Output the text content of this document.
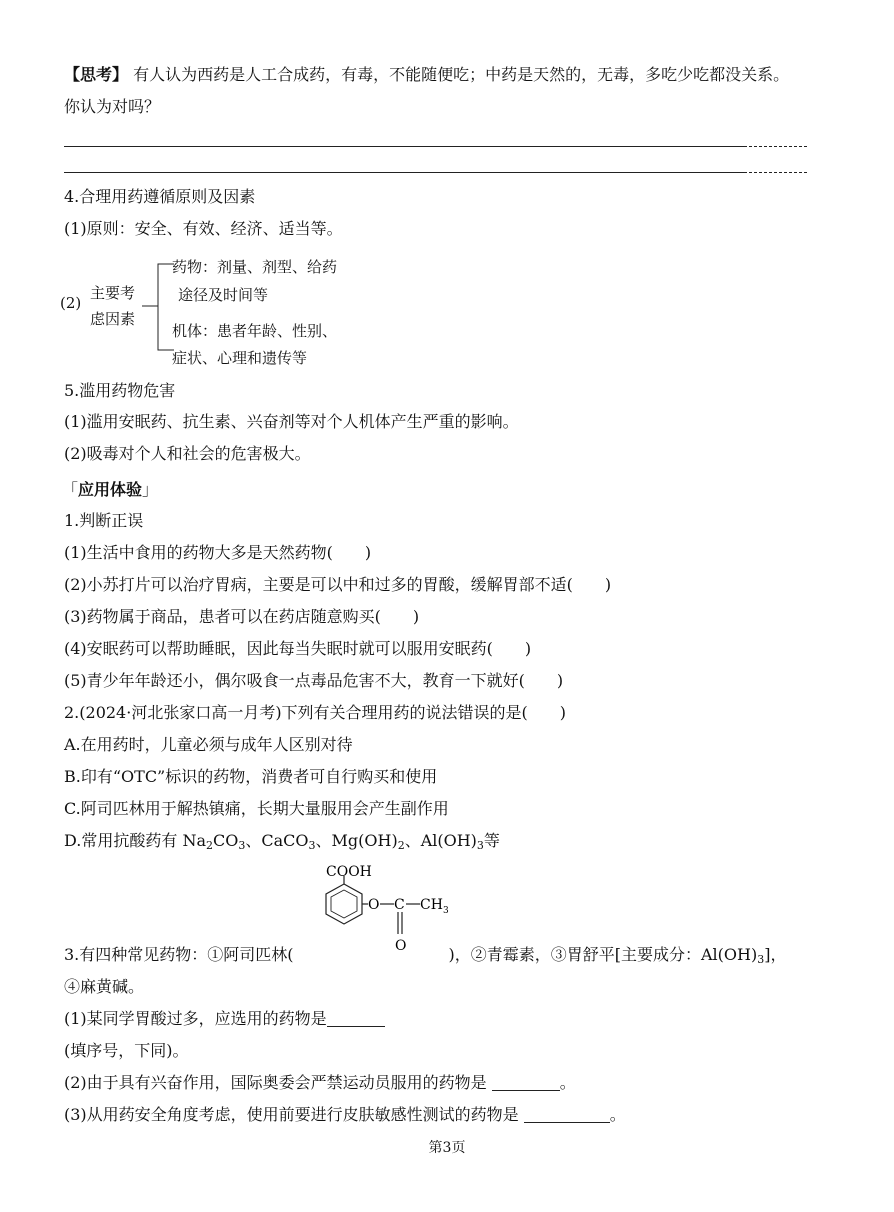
【思考】 有人认为西药是人工合成药，有毒，不能随便吃；中药是天然的，无毒，多吃少吃都没关系。
你认为对吗？
4.合理用药遵循原则及因素
(1)原则：安全、有效、经济、适当等。
(2)
主要考
虑因素
药物：剂量、剂型、给药
途径及时间等
机体：患者年龄、性别、
症状、心理和遗传等
5.滥用药物危害
(1)滥用安眠药、抗生素、兴奋剂等对个人机体产生严重的影响。
(2)吸毒对个人和社会的危害极大。
「应用体验」
1.判断正误
(1)生活中食用的药物大多是天然药物(　　)
(2)小苏打片可以治疗胃病，主要是可以中和过多的胃酸，缓解胃部不适(　　)
(3)药物属于商品，患者可以在药店随意购买(　　)
(4)安眠药可以帮助睡眠，因此每当失眠时就可以服用安眠药(　　)
(5)青少年年龄还小，偶尔吸食一点毒品危害不大，教育一下就好(　　)
2.(2024·河北张家口高一月考)下列有关合理用药的说法错误的是(　　)
A.在用药时，儿童必须与成年人区别对待
B.印有“OTC”标识的药物，消费者可自行购买和使用
C.阿司匹林用于解热镇痛，长期大量服用会产生副作用
D.常用抗酸药有 $Na_2CO_3$、CaCO$_3$、$Mg(OH)_2$、$Al(OH)_3$等
COOH
O C CH 3
O
3.有四种常见药物：①阿司匹林(	)，②青霉素，③胃舒平[主要成分：$Al(OH)_3$]，
④麻黄碱。
(1)某同学胃酸过多，应选用的药物是
(填序号，下同)。
(2)由于具有兴奋作用，国际奥委会严禁运动员服用的药物是	。
(3)从用药安全角度考虑，使用前要进行皮肤敏感性测试的药物是	。
第3页
